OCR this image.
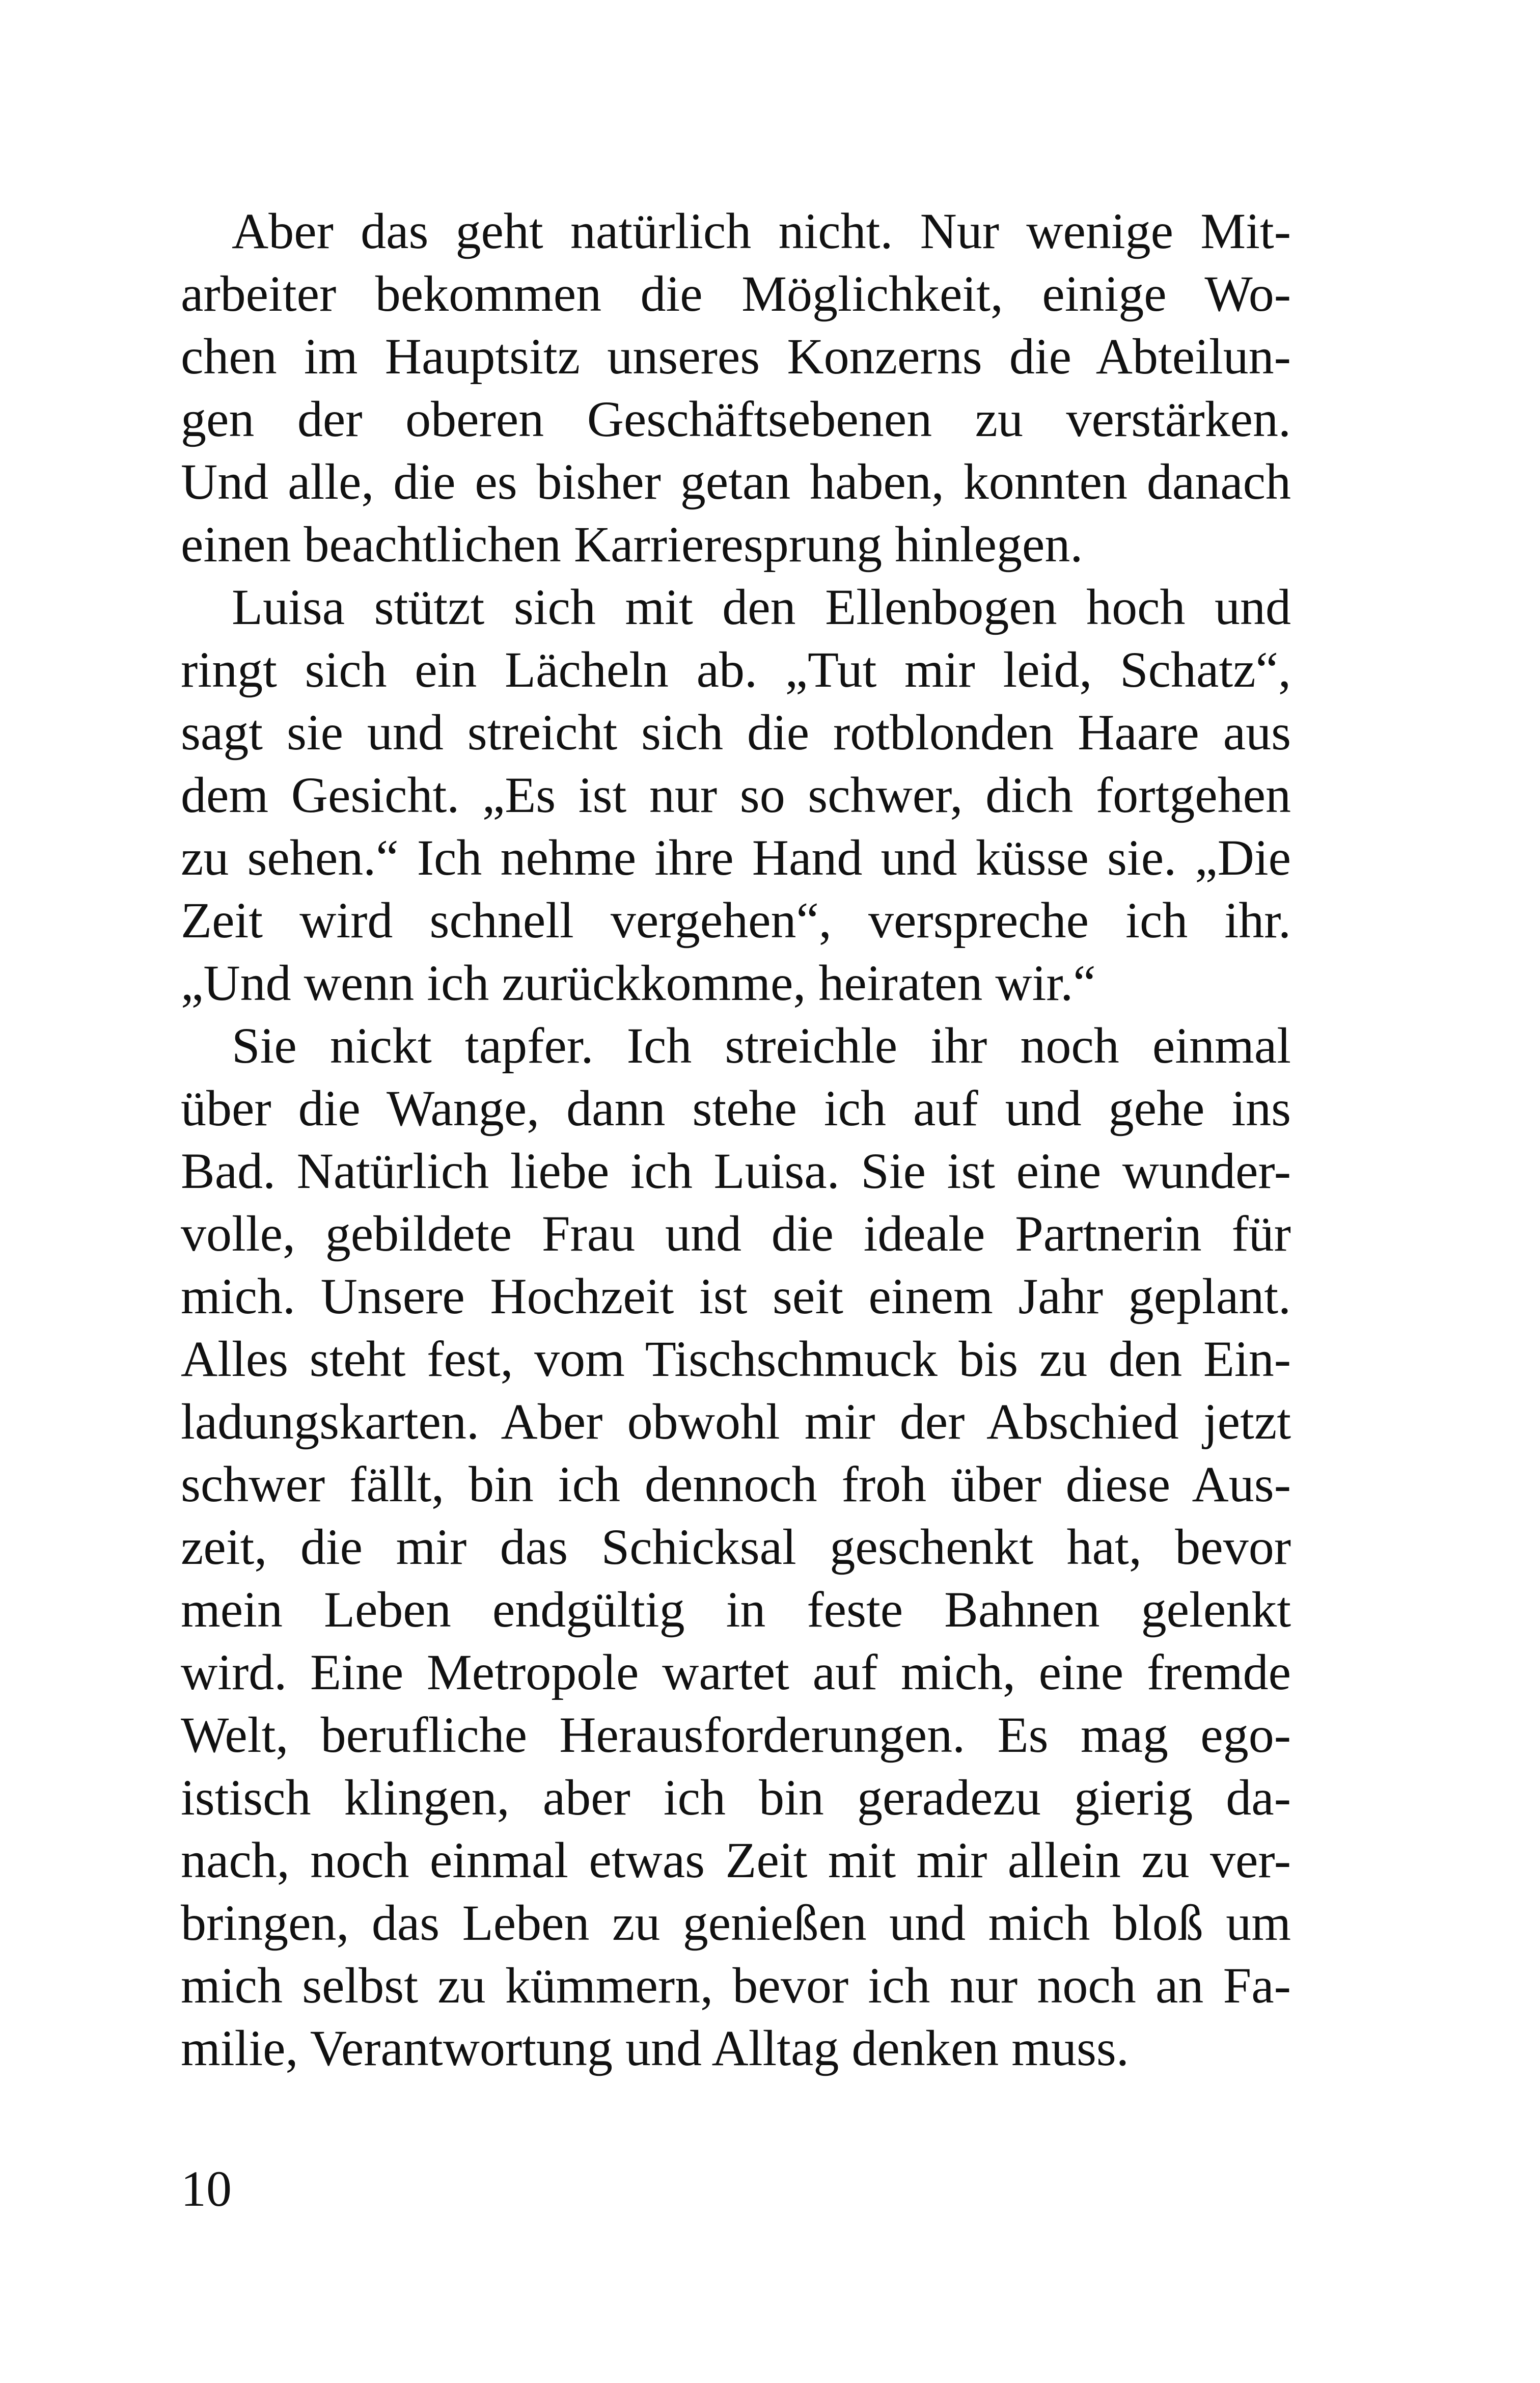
Aber das geht natürlich nicht. Nur wenige Mit-
arbeiter bekommen die Möglichkeit, einige Wo-
chen im Hauptsitz unseres Konzerns die Abteilun-
gen der oberen Geschäftsebenen zu verstärken.
Und alle, die es bisher getan haben, konnten danach
einen beachtlichen Karrieresprung hinlegen.
Luisa stützt sich mit den Ellenbogen hoch und
ringt sich ein Lächeln ab. „Tut mir leid, Schatz“,
sagt sie und streicht sich die rotblonden Haare aus
dem Gesicht. „Es ist nur so schwer, dich fortgehen
zu sehen.“ Ich nehme ihre Hand und küsse sie. „Die
Zeit wird schnell vergehen“, verspreche ich ihr.
„Und wenn ich zurückkomme, heiraten wir.“
Sie nickt tapfer. Ich streichle ihr noch einmal
über die Wange, dann stehe ich auf und gehe ins
Bad. Natürlich liebe ich Luisa. Sie ist eine wunder-
volle, gebildete Frau und die ideale Partnerin für
mich. Unsere Hochzeit ist seit einem Jahr geplant.
Alles steht fest, vom Tischschmuck bis zu den Ein-
ladungskarten. Aber obwohl mir der Abschied jetzt
schwer fällt, bin ich dennoch froh über diese Aus-
zeit, die mir das Schicksal geschenkt hat, bevor
mein Leben endgültig in feste Bahnen gelenkt
wird. Eine Metropole wartet auf mich, eine fremde
Welt, berufliche Herausforderungen. Es mag ego-
istisch klingen, aber ich bin geradezu gierig da-
nach, noch einmal etwas Zeit mit mir allein zu ver-
bringen, das Leben zu genießen und mich bloß um
mich selbst zu kümmern, bevor ich nur noch an Fa-
milie, Verantwortung und Alltag denken muss.
10
